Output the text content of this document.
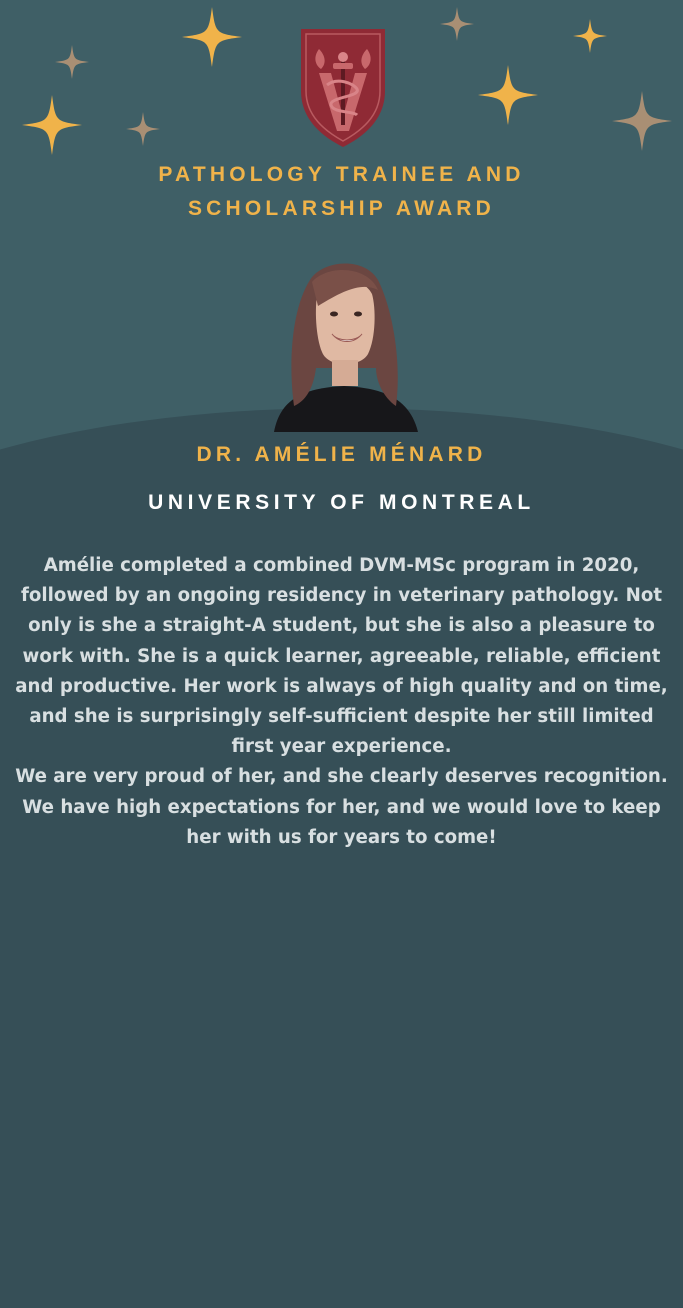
PATHOLOGY TRAINEE AND
SCHOLARSHIP AWARD
DR. AMÉLIE MÉNARD
UNIVERSITY OF MONTREAL

Amélie completed a combined DVM-MSc program in 2020, followed by an ongoing residency in veterinary pathology. Not only is she a straight-A student, but she is also a pleasure to work with. She is a quick learner, agreeable, reliable, efficient and productive. Her work is always of high quality and on time, and she is surprisingly self-sufficient despite her still limited first year experience.

We are very proud of her, and she clearly deserves recognition. We have high expectations for her, and we would love to keep her with us for years to come!
